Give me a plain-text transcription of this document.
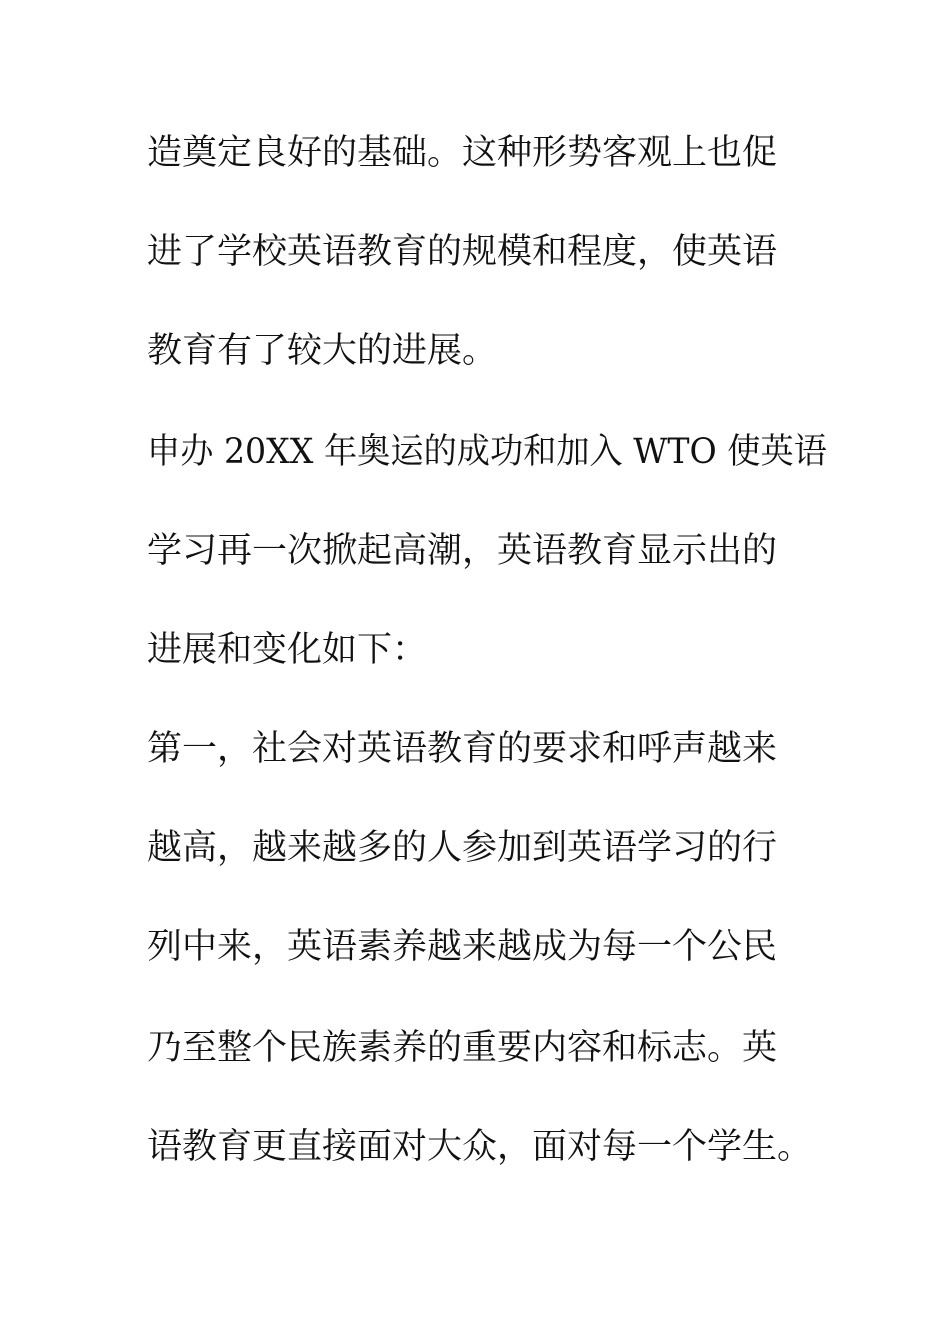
造奠定良好的基础。这种形势客观上也促
进了学校英语教育的规模和程度，使英语
教育有了较大的进展。
申办 20XX 年奥运的成功和加入 WTO 使英语
学习再一次掀起高潮，英语教育显示出的
进展和变化如下：
第一，社会对英语教育的要求和呼声越来
越高，越来越多的人参加到英语学习的行
列中来，英语素养越来越成为每一个公民
乃至整个民族素养的重要内容和标志。英
语教育更直接面对大众，面对每一个学生。
